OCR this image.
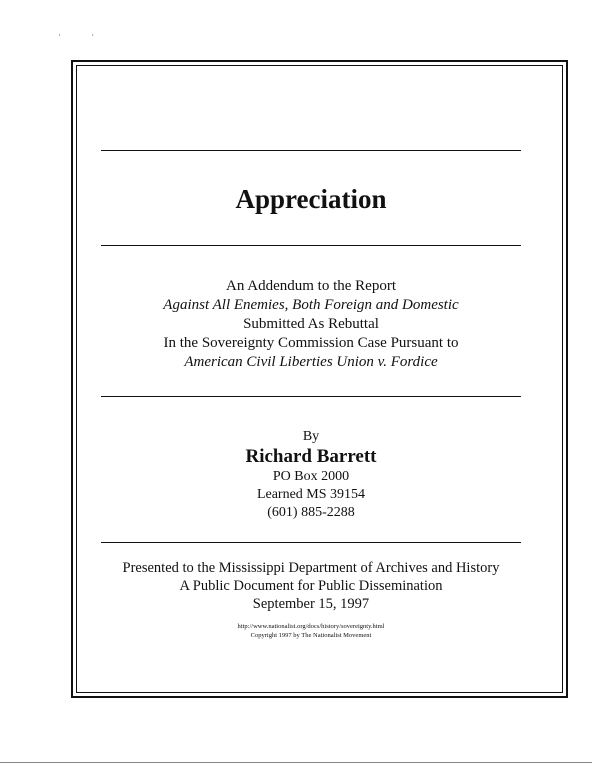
· ·
Appreciation
An Addendum to the Report
Against All Enemies, Both Foreign and Domestic
Submitted As Rebuttal
In the Sovereignty Commission Case Pursuant to
American Civil Liberties Union v. Fordice
By
Richard Barrett
PO Box 2000
Learned MS 39154
(601) 885-2288
Presented to the Mississippi Department of Archives and History
A Public Document for Public Dissemination
September 15, 1997
http://www.nationalist.org/docs/history/sovereignty.html
Copyright 1997 by The Nationalist Movement
